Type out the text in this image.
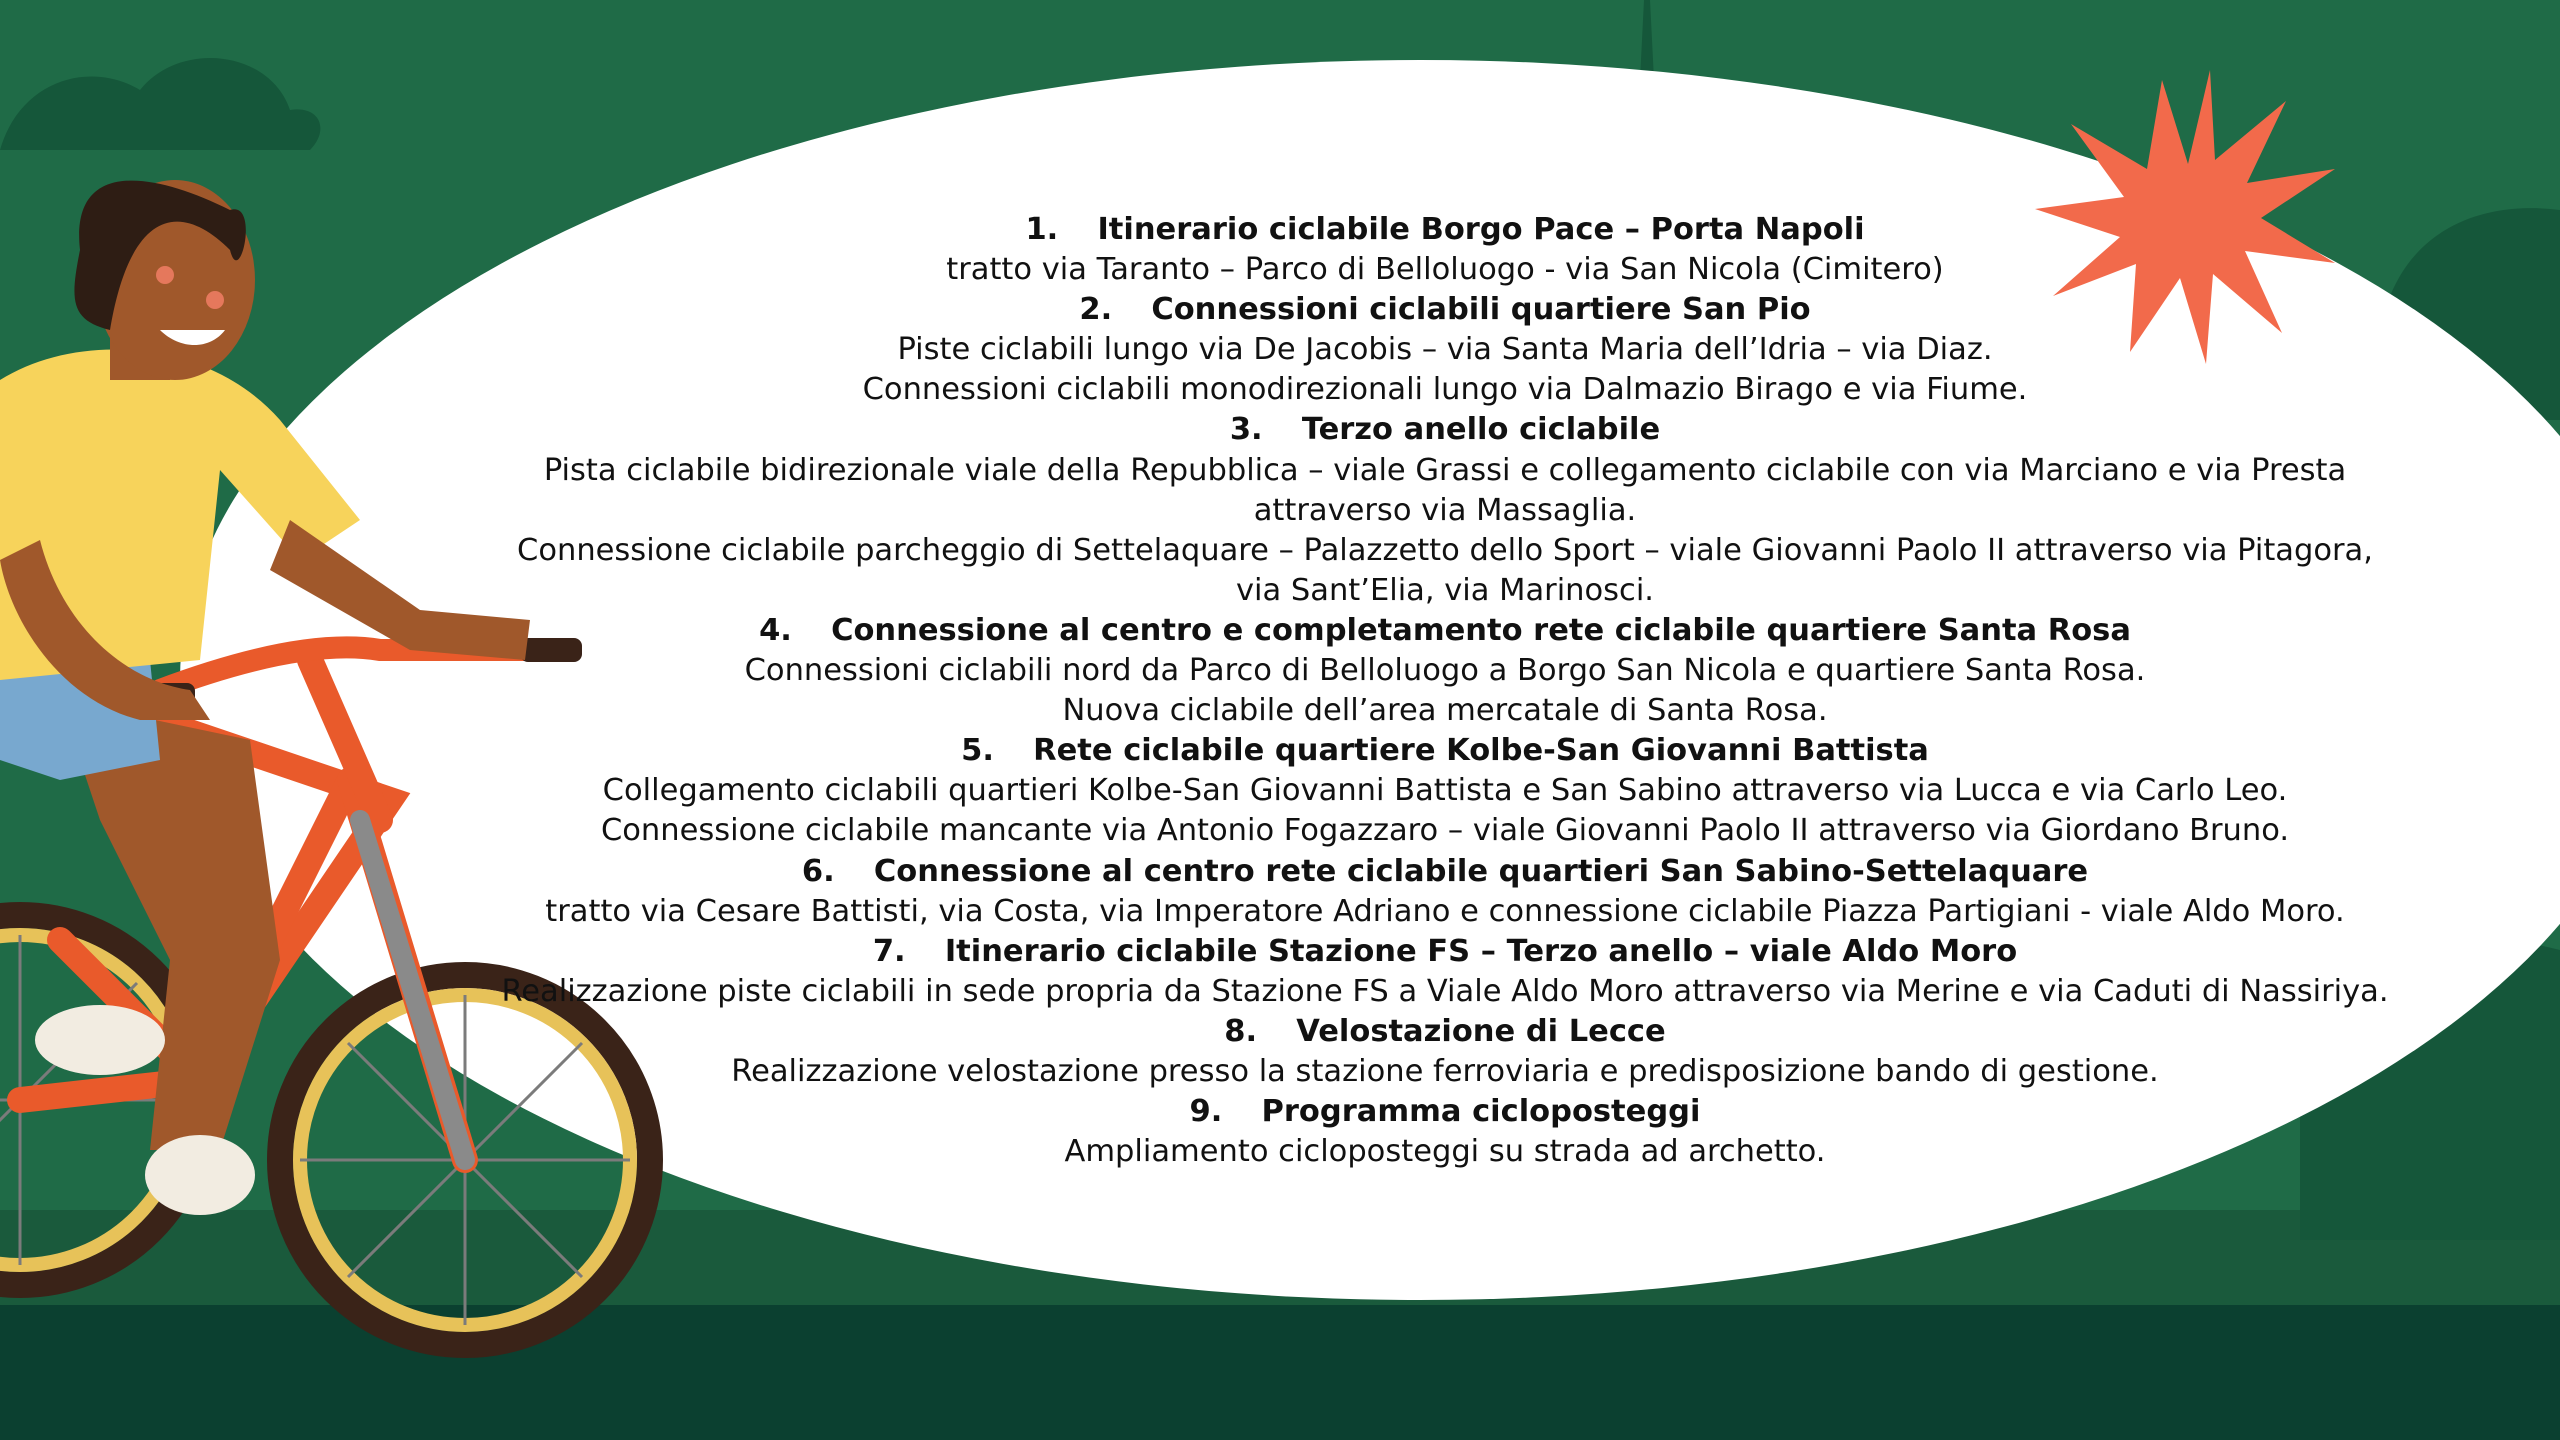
1. Itinerario ciclabile Borgo Pace – Porta Napoli
tratto via Taranto – Parco di Belloluogo - via San Nicola (Cimitero)
2. Connessioni ciclabili quartiere San Pio
Piste ciclabili lungo via De Jacobis – via Santa Maria dell’Idria – via Diaz.
Connessioni ciclabili monodirezionali lungo via Dalmazio Birago e via Fiume.
3. Terzo anello ciclabile
Pista ciclabile bidirezionale viale della Repubblica – viale Grassi e collegamento ciclabile con via Marciano e via Presta
attraverso via Massaglia.
Connessione ciclabile parcheggio di Settelaquare – Palazzetto dello Sport – viale Giovanni Paolo II attraverso via Pitagora,
via Sant’Elia, via Marinosci.
4. Connessione al centro e completamento rete ciclabile quartiere Santa Rosa
Connessioni ciclabili nord da Parco di Belloluogo a Borgo San Nicola e quartiere Santa Rosa.
Nuova ciclabile dell’area mercatale di Santa Rosa.
5. Rete ciclabile quartiere Kolbe-San Giovanni Battista
Collegamento ciclabili quartieri Kolbe-San Giovanni Battista e San Sabino attraverso via Lucca e via Carlo Leo.
Connessione ciclabile mancante via Antonio Fogazzaro – viale Giovanni Paolo II attraverso via Giordano Bruno.
6. Connessione al centro rete ciclabile quartieri San Sabino-Settelaquare
tratto via Cesare Battisti, via Costa, via Imperatore Adriano e connessione ciclabile Piazza Partigiani - viale Aldo Moro.
7. Itinerario ciclabile Stazione FS – Terzo anello – viale Aldo Moro
Realizzazione piste ciclabili in sede propria da Stazione FS a Viale Aldo Moro attraverso via Merine e via Caduti di Nassiriya.
8. Velostazione di Lecce
Realizzazione velostazione presso la stazione ferroviaria e predisposizione bando di gestione.
9. Programma cicloposteggi
Ampliamento cicloposteggi su strada ad archetto.
